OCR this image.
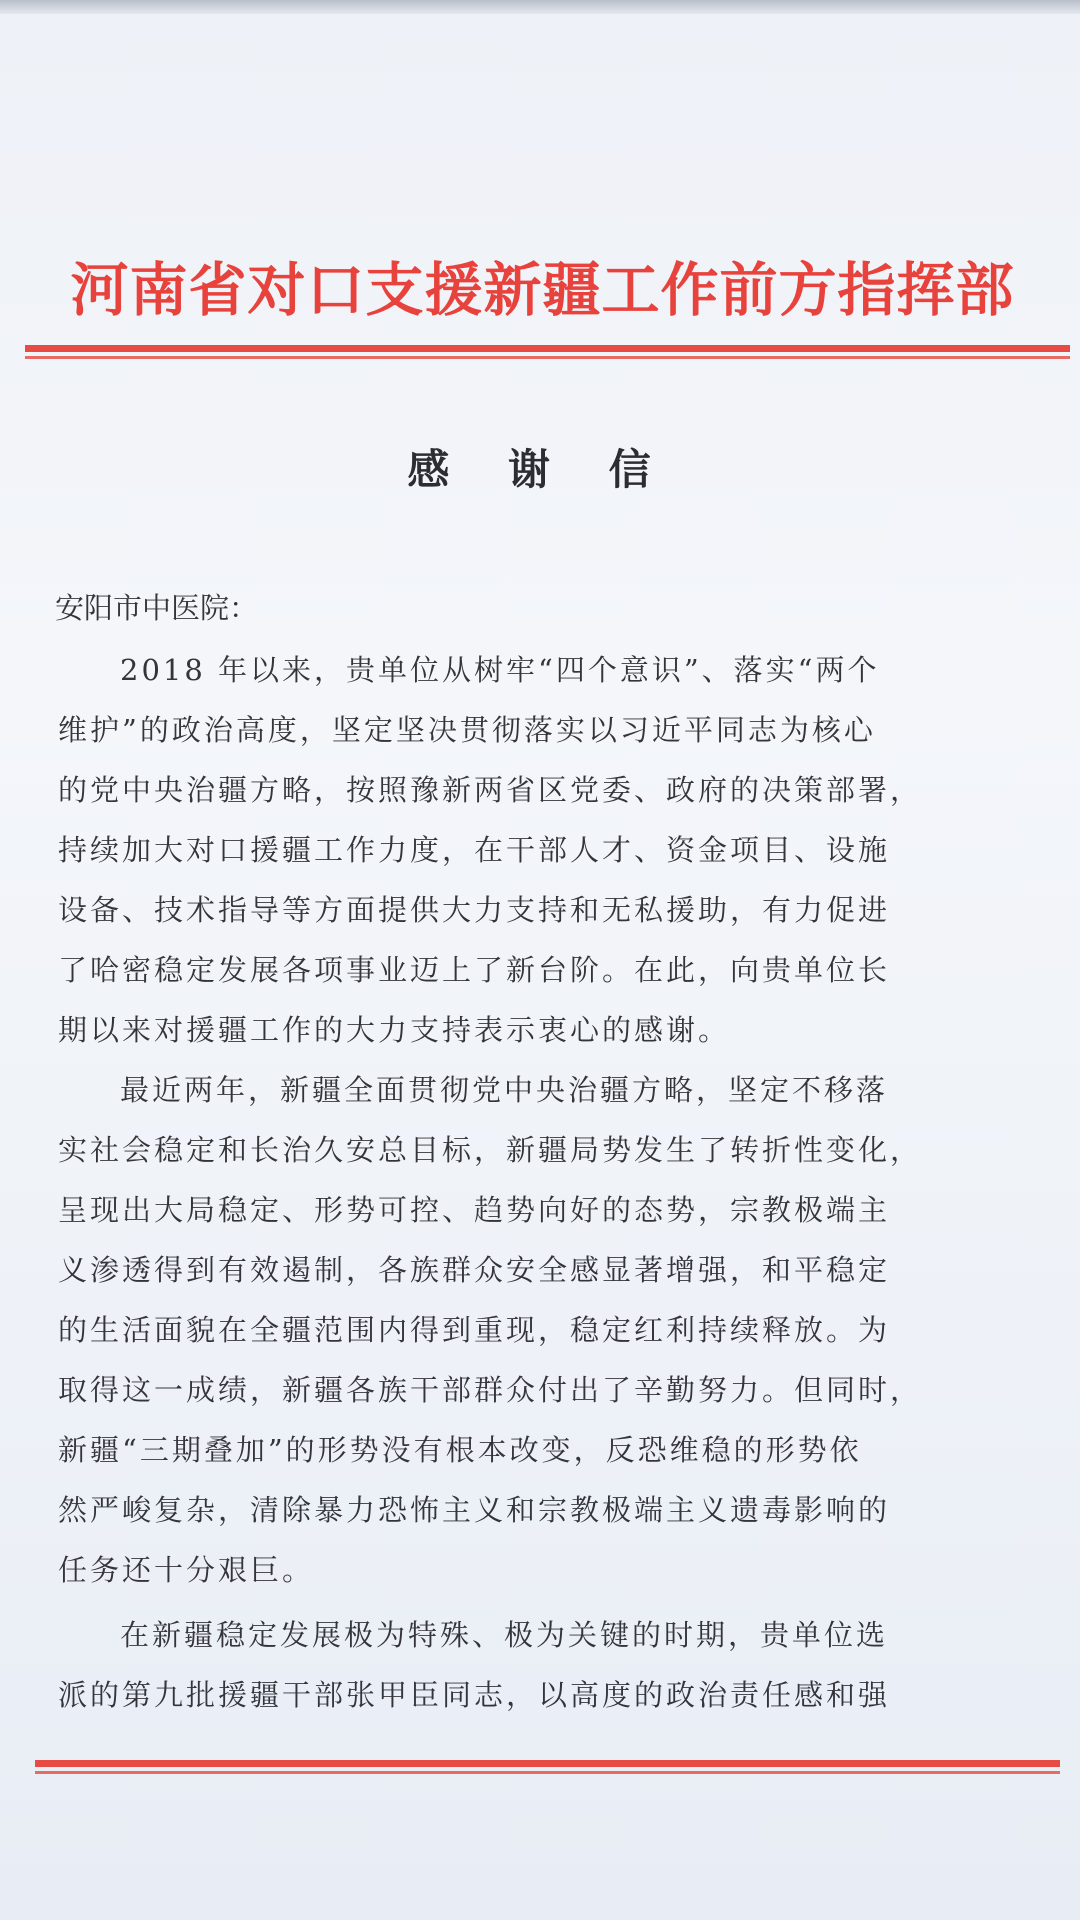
河南省对口支援新疆工作前方指挥部
感 谢 信
安阳市中医院：
2018 年以来，贵单位从树牢“四个意识”、落实“两个
维护”的政治高度，坚定坚决贯彻落实以习近平同志为核心
的党中央治疆方略，按照豫新两省区党委、政府的决策部署，
持续加大对口援疆工作力度，在干部人才、资金项目、设施
设备、技术指导等方面提供大力支持和无私援助，有力促进
了哈密稳定发展各项事业迈上了新台阶。在此，向贵单位长
期以来对援疆工作的大力支持表示衷心的感谢。
最近两年，新疆全面贯彻党中央治疆方略，坚定不移落
实社会稳定和长治久安总目标，新疆局势发生了转折性变化，
呈现出大局稳定、形势可控、趋势向好的态势，宗教极端主
义渗透得到有效遏制，各族群众安全感显著增强，和平稳定
的生活面貌在全疆范围内得到重现，稳定红利持续释放。为
取得这一成绩，新疆各族干部群众付出了辛勤努力。但同时，
新疆“三期叠加”的形势没有根本改变，反恐维稳的形势依
然严峻复杂，清除暴力恐怖主义和宗教极端主义遗毒影响的
任务还十分艰巨。
在新疆稳定发展极为特殊、极为关键的时期，贵单位选
派的第九批援疆干部张甲臣同志，以高度的政治责任感和强
